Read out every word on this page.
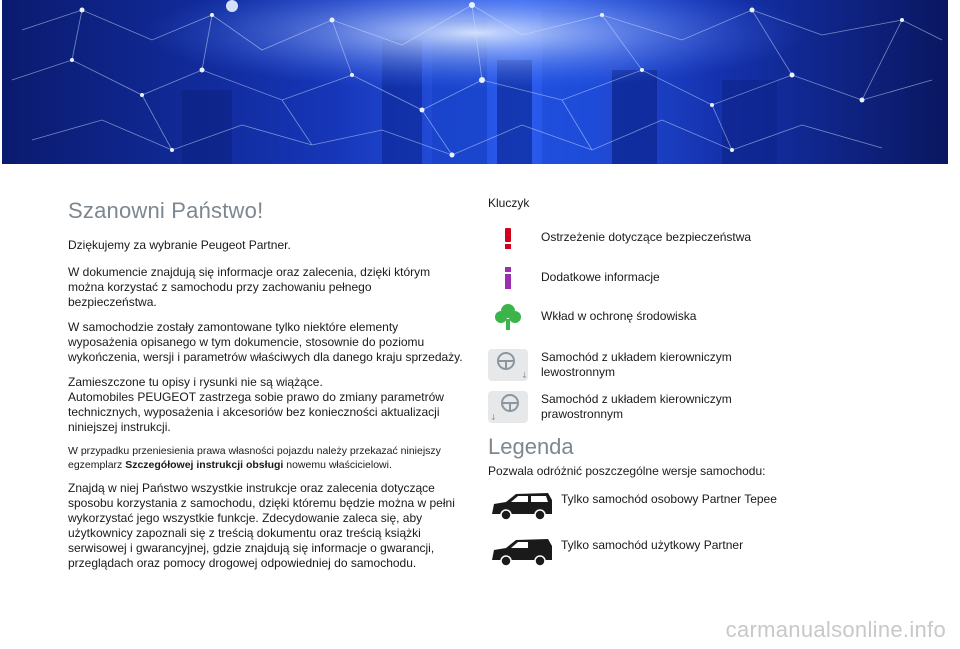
Szanowni Państwo!

Dziękujemy za wybranie Peugeot Partner.

W dokumencie znajdują się informacje oraz zalecenia, dzięki którym można korzystać z samochodu przy zachowaniu pełnego bezpieczeństwa.

W samochodzie zostały zamontowane tylko niektóre elementy wyposażenia opisanego w tym dokumencie, stosownie do poziomu wykończenia, wersji i parametrów właściwych dla danego kraju sprzedaży.

Zamieszczone tu opisy i rysunki nie są wiążące.

Automobiles PEUGEOT zastrzega sobie prawo do zmiany parametrów technicznych, wyposażenia i akcesoriów bez konieczności aktualizacji niniejszej instrukcji.

W przypadku przeniesienia prawa własności pojazdu należy przekazać niniejszy egzemplarz Szczegółowej instrukcji obsługi nowemu właścicielowi.

Znajdą w niej Państwo wszystkie instrukcje oraz zalecenia dotyczące sposobu korzystania z samochodu, dzięki któremu będzie można w pełni wykorzystać jego wszystkie funkcje. Zdecydowanie zaleca się, aby użytkownicy zapoznali się z treścią dokumentu oraz treścią książki serwisowej i gwarancyjnej, gdzie znajdują się informacje o gwarancji, przeglądach oraz pomocy drogowej odpowiedniej do samochodu.

Kluczyk

Ostrzeżenie dotyczące bezpieczeństwa
Dodatkowe informacje
Wkład w ochronę środowiska
↓
Samochód z układem kierowniczym lewostronnym
↓
Samochód z układem kierowniczym prawostronnym
Legenda
Pozwala odróżnić poszczególne wersje samochodu:
Tylko samochód osobowy Partner Tepee
Tylko samochód użytkowy Partner
carmanualsonline.info
